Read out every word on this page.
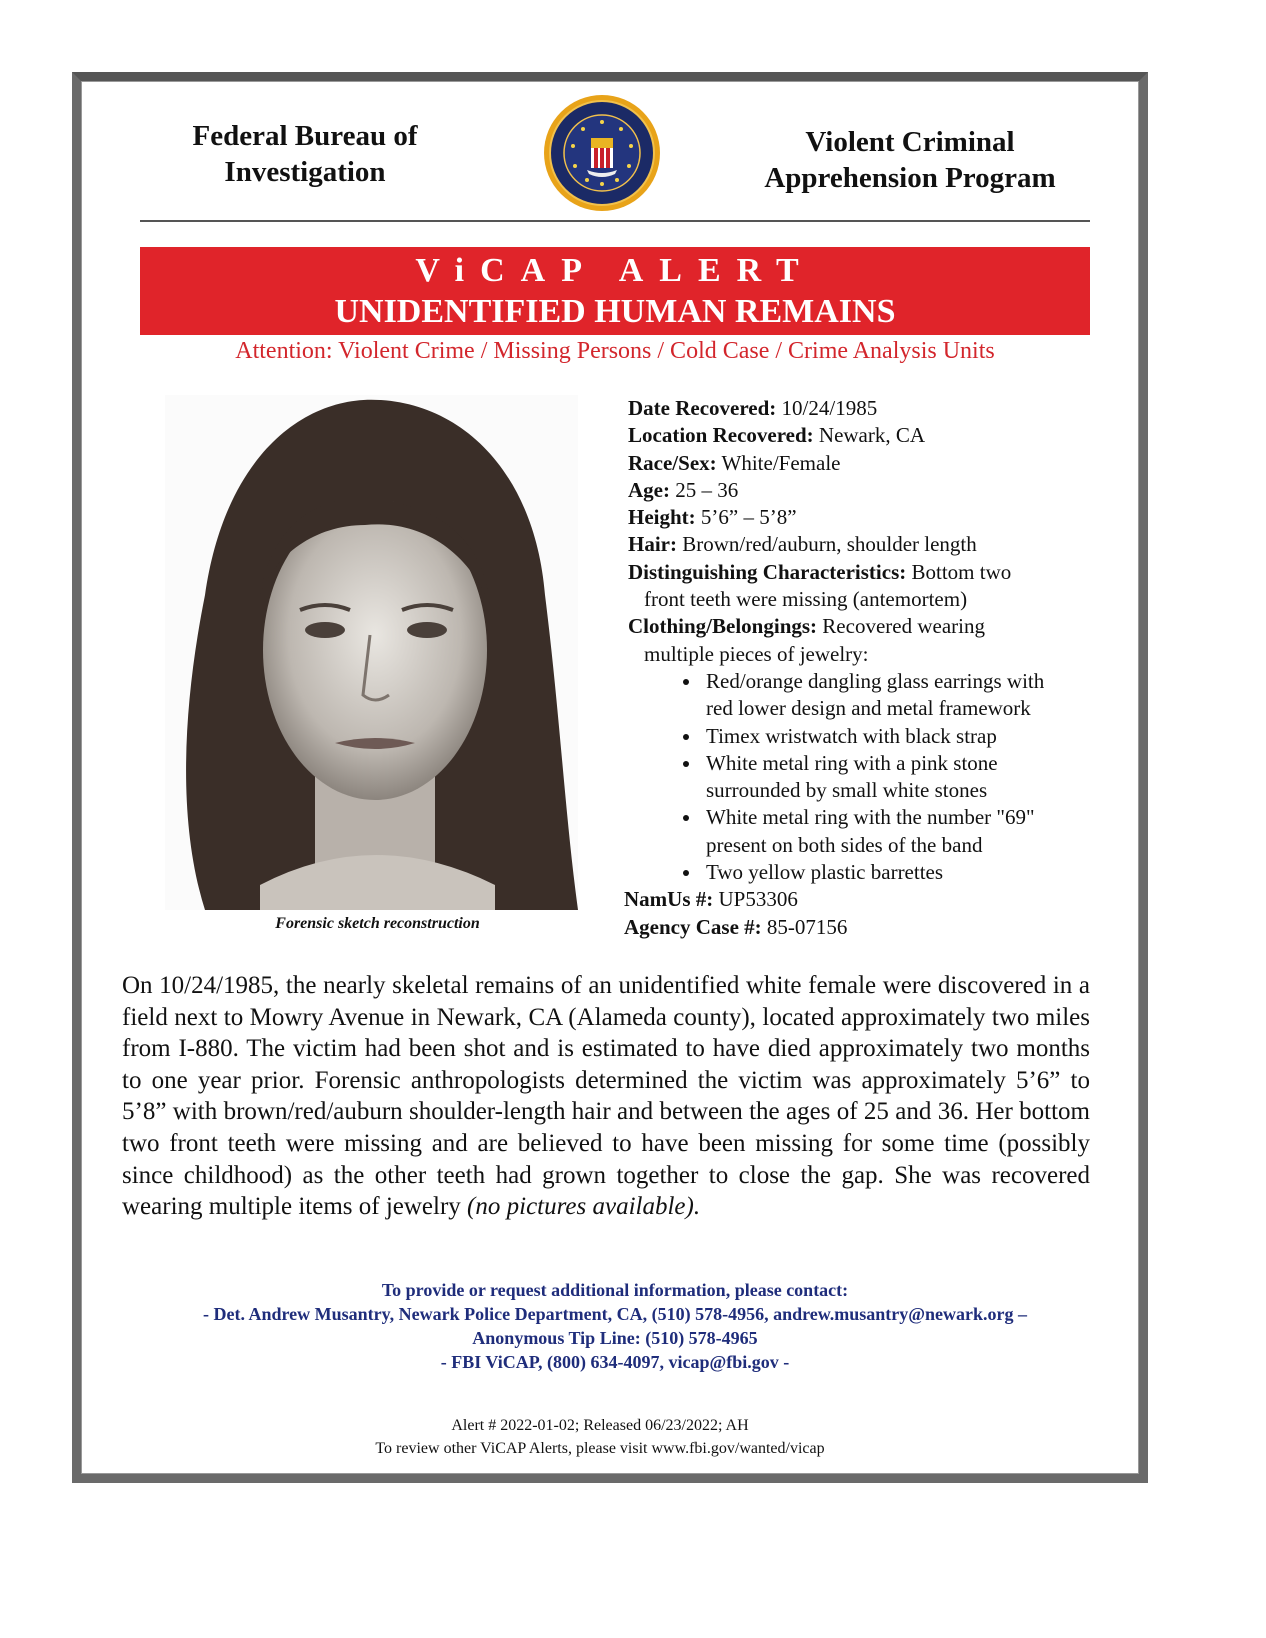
Federal Bureau of
Investigation
Violent Criminal
Apprehension Program
ViCAP ALERT
UNIDENTIFIED HUMAN REMAINS
Attention: Violent Crime / Missing Persons / Cold Case / Crime Analysis Units
Forensic sketch reconstruction
Date Recovered: 10/24/1985
Location Recovered: Newark, CA
Race/Sex: White/Female
Age: 25 – 36
Height: 5’6” – 5’8”
Hair: Brown/red/auburn, shoulder length
Distinguishing Characteristics: Bottom two
front teeth were missing (antemortem)
Clothing/Belongings: Recovered wearing
multiple pieces of jewelry:
• Red/orange dangling glass earrings with
red lower design and metal framework
• Timex wristwatch with black strap
• White metal ring with a pink stone
surrounded by small white stones
• White metal ring with the number "69"
present on both sides of the band
• Two yellow plastic barrettes
NamUs #: UP53306
Agency Case #: 85-07156
On 10/24/1985, the nearly skeletal remains of an unidentified white female were discovered in a field next to Mowry Avenue in Newark, CA (Alameda county), located approximately two miles from I-880. The victim had been shot and is estimated to have died approximately two months to one year prior. Forensic anthropologists determined the victim was approximately 5’6” to 5’8” with brown/red/auburn shoulder-length hair and between the ages of 25 and 36. Her bottom two front teeth were missing and are believed to have been missing for some time (possibly since childhood) as the other teeth had grown together to close the gap. She was recovered wearing multiple items of jewelry (no pictures available).
To provide or request additional information, please contact:
- Det. Andrew Musantry, Newark Police Department, CA, (510) 578-4956, andrew.musantry@newark.org –
Anonymous Tip Line: (510) 578-4965
- FBI ViCAP, (800) 634-4097, vicap@fbi.gov -
Alert # 2022-01-02; Released 06/23/2022; AH
To review other ViCAP Alerts, please visit www.fbi.gov/wanted/vicap
